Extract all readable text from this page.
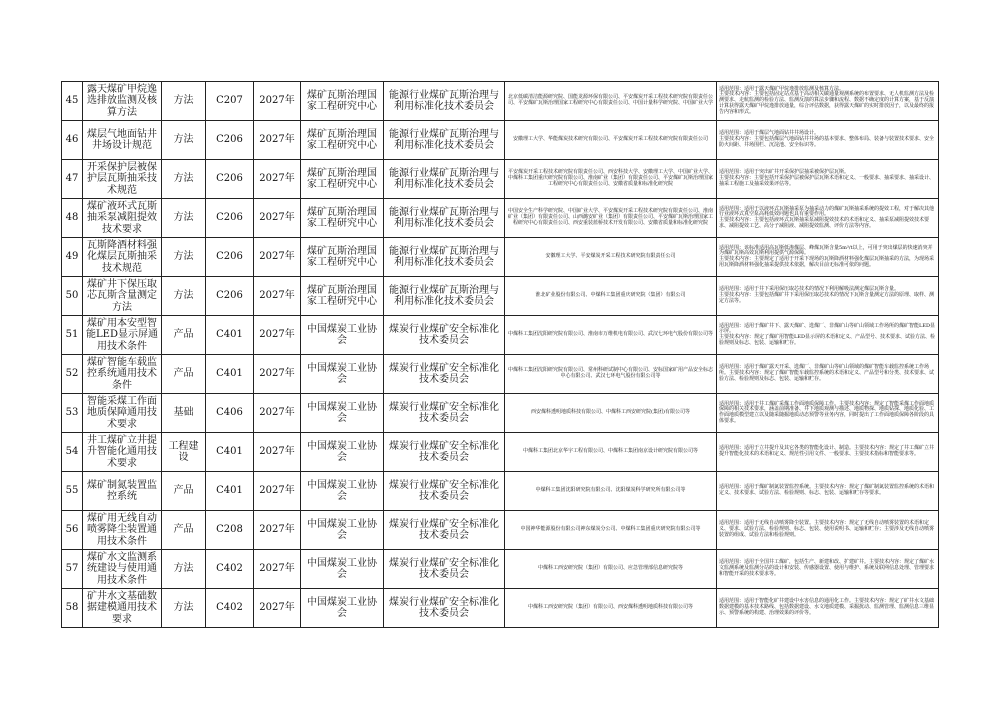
45	露天煤矿甲烷逸选排放监测及核算方法	方法	C207	2027年	煤矿瓦斯治理国家工程研究中心	能源行业煤矿瓦斯治理与利用标准化技术委员会	北京低碳清洁能源研究院、国能龙源环保有限公司、平安煤炭开采工程技术研究院有限责任公司、平安煤矿瓦斯治理国家工程研究中心有限责任公司、中国计量科学研究院、中国矿业大学	适用范围：适用于露天煤矿甲烷逸排放监测及核算方法。
主要技术内容：主要包括固定站点基于高动相关碳通量观测系统的布置要求、无人机监测方法及检测要求、走航监测的检验方法、监测反演的算法步骤和流程、数据不确定度的计算方案，基于反演计算获得露天煤矿甲烷逸排放通量，综合评估数据，获得露天煤矿的实时排放因子，以及最终的报告内容和形式。
46	煤层气地面钻井井场设计规范	方法	C206	2027年	煤矿瓦斯治理国家工程研究中心	能源行业煤矿瓦斯治理与利用标准化技术委员会	安徽理工大学、华能煤炭技术研究有限公司、平安煤炭开采工程技术研究院有限责任公司	适用范围：适用于煤层气地面钻井井场设计。
主要技术内容：主要包括煤层气地面钻井井场的基本要求、整体布局、装备与装置技术要求、安全防火间距、井场围栏、沉淀池、安全标识等。
47	开采保护层被保护层瓦斯抽采技术规范	方法	C206	2027年	煤矿瓦斯治理国家工程研究中心	能源行业煤矿瓦斯治理与利用标准化技术委员会	平安煤炭开采工程技术研究院有限责任公司、西安科技大学、安徽理工大学、中国矿业大学、中煤科工集团重庆研究院有限公司、淮南矿业（集团）有限责任公司、平安煤矿瓦斯治理国家工程研究中心有限责任公司、安徽省质量和标准化研究院	适用范围：适用于突出矿井开采保护层抽采被保护层瓦斯。
主要技术内容：主要包括开采保护层被保护层瓦斯术语和定义、一般要求、抽采要求、抽采设计、抽采工程施工及抽采效果评估等。
48	煤矿液环式瓦斯抽采泵减阻提效技术要求	方法	C206	2027年	煤矿瓦斯治理国家工程研究中心	能源行业煤矿瓦斯治理与利用标准化技术委员会	中国安全生产科学研究院、中国矿业大学、平安煤炭开采工程技术研究院有限责任公司、淮南矿业（集团）有限责任公司、山西潞安矿业（集团）有限责任公司、平安煤矿瓦斯治理国家工程研究中心有限责任公司、西安重装蓝桥技术开发有限公司、安徽省质量和标准化研究院	适用范围：适用于以液环式瓦斯抽采泵为抽采动力的煤矿瓦斯抽采系统的提效工程，对于解决其他行业液环式真空泵高耗低效问题也具有重要作用。
主要技术内容：主要包括液环式瓦斯抽采泵减阻提效技术的术语和定义、抽采泵减阻提效技术要求、减阻提效工艺、高分子减阻液、减阻提效监测、评价方法等内容。
49	瓦斯降酒材料强化煤层瓦斯抽采技术规范	方法	C206	2027年	煤矿瓦斯治理国家工程研究中心	能源行业煤矿瓦斯治理与利用标准化技术委员会	安徽理工大学、平安煤炭开采工程技术研究院有限责任公司	适用范围：该标准适用高瓦斯低渗煤层、峰煤瓦斯含量5m³/t以上，可用于突出煤层的快速消突并为煤矿瓦斯高效瓦斯利用提供气源保障。
主要技术内容：主要规定了适用于开采下现场的瓦斯降酒材料强化煤层瓦斯抽采的方法，为现场采用瓦斯降酒材料强化抽采提供技术依据，解决目前无标准可依的问题。
50	煤矿井下保压取芯瓦斯含量测定方法	方法	C206	2027年	煤矿瓦斯治理国家工程研究中心	能源行业煤矿瓦斯治理与利用标准化技术委员会	淮北矿业股份有限公司、中煤科工集团重庆研究院（集团）有限公司	适用范围：适用于井下采用保压取芯技术的情况下利用解吸法测定煤层瓦斯含量。
主要技术内容：主要包括煤矿井下采用保压取芯技术的情况下瓦斯含量测定方法的原理、取样、测定方法等。
51	煤矿用本安型智能LED显示屏通用技术条件	产品	C401	2027年	中国煤炭工业协会	煤炭行业煤矿安全标准化技术委员会	中煤科工集团沈阳研究院有限公司、淮南市万维机电有限公司、武汉七环电气股份有限公司等	适用范围：适用于煤矿井下、露天煤矿、选煤厂、非煤矿山等矿山领域工作场所的煤矿智能LED显示屏。
主要技术内容：规定了煤矿用智能LED显示屏的术语和定义、产品型号、技术要求、试验方法、检验规则及标志、包装、运输和贮存。
52	煤矿智能车载监控系统通用技术条件	产品	C401	2027年	中国煤炭工业协会	煤炭行业煤矿安全标准化技术委员会	中煤科工集团沈阳研究院有限公司、常州科研试制中心有限公司、安标国家矿用产品安全标志中心有限公司、武汉七环电气股份有限公司等	适用范围：适用于煤矿露天开采、选煤厂、非煤矿山等矿山领域的煤矿智能车载监控系统工作场所。主要技术内容：规定了煤矿智能车载监控系统的术语和定义、产品型号和分类、技术要求、试验方法、检验规则及标志、包装、运输和贮存。
53	智能采煤工作面地质保障通用技术要求	基础	C406	2027年	中国煤炭工业协会	煤炭行业煤矿安全标准化技术委员会	西安煤科透明地质科技有限公司、中煤科工西安研究院(集团)有限公司等	适用范围：适用于井工煤矿采煤工作面地质保障工作。主要技术内容：规定了智能采煤工作面地质保障的相关技术要求，涵盖前期准备、井下地质观测与描述、地质物探、地质钻探、地质化验、工作面地质模型建立以及随采随掘地质动态预警等业务内容，同时提出了工作面地质保障各阶段的具体要求。
54	井工煤矿立井提升智能化通用技术要求	工程建设	C401	2027年	中国煤炭工业协会	煤炭行业煤矿安全标准化技术委员会	中煤科工集团北京华宇工程有限公司、中煤科工集团南京设计研究院有限公司等	适用范围：适用于立井提升及其它各类的智能化设计、制造。主要技术内容：规定了井工煤矿立井提升智能化技术的术语和定义、规范性引用文件、一般要求、主要技术指标和智能要求等。
55	煤矿制氮装置监控系统	产品	C401	2027年	中国煤炭工业协会	煤炭行业煤矿安全标准化技术委员会	中煤科工集团沈阳研究院有限公司、沈阳煤炭科学研究所有限公司等	适用范围：适用于煤矿制氮装置监控系统。主要技术内容：规定了煤矿制氮装置监控系统的术语和定义、技术要求、试验方法、检验规则、标志、包装、运输和贮存等要求。
56	煤矿用无线自动喷雾降尘装置通用技术条件	产品	C208	2027年	中国煤炭工业协会	煤炭行业煤矿安全标准化技术委员会	中国神华能源股份有限公司神东煤炭分公司、中煤科工集团重庆研究院有限公司等	适用范围：适用于无线自动喷雾降尘装置。主要技术内容：规定了无线自动喷雾装置的术语和定义、要求、试验方法、检验规则、标志、包装、使用说明书、运输和贮存；主要涉及无线自动喷雾装置的组成、试验方法和检验规则。
57	煤矿水文监测系统建设与使用通用技术条件	方法	C402	2027年	中国煤炭工业协会	煤炭行业煤矿安全标准化技术委员会	中煤科工西安研究院（集团）有限公司、应急管理部信息研究院等	适用范围：适用于全国井工煤矿，包括生产、新建和改、扩建矿井。主要技术内容：规定了煤矿水文监测系统及监测分站的设计和安装、传感器设置、使用与维护、系统及联网信息处理、管理要求和智能开采的技术要求等。
58	矿井水文基础数据建模通用技术要求	方法	C402	2027年	中国煤炭工业协会	煤炭行业煤矿安全标准化技术委员会	中煤科工西安研究院（集团）有限公司、西安煤科透明地质科技有限公司等	适用范围：适用于智能化矿井建设中水害信息的通用化工作。主要技术内容：规定了矿井水文基础数据建模的基本技术路线、包括数据建设、水文地质建模、采掘扰动、监测管理、监测信息三维显示、预警系统的构建、治理效果的评价等。
